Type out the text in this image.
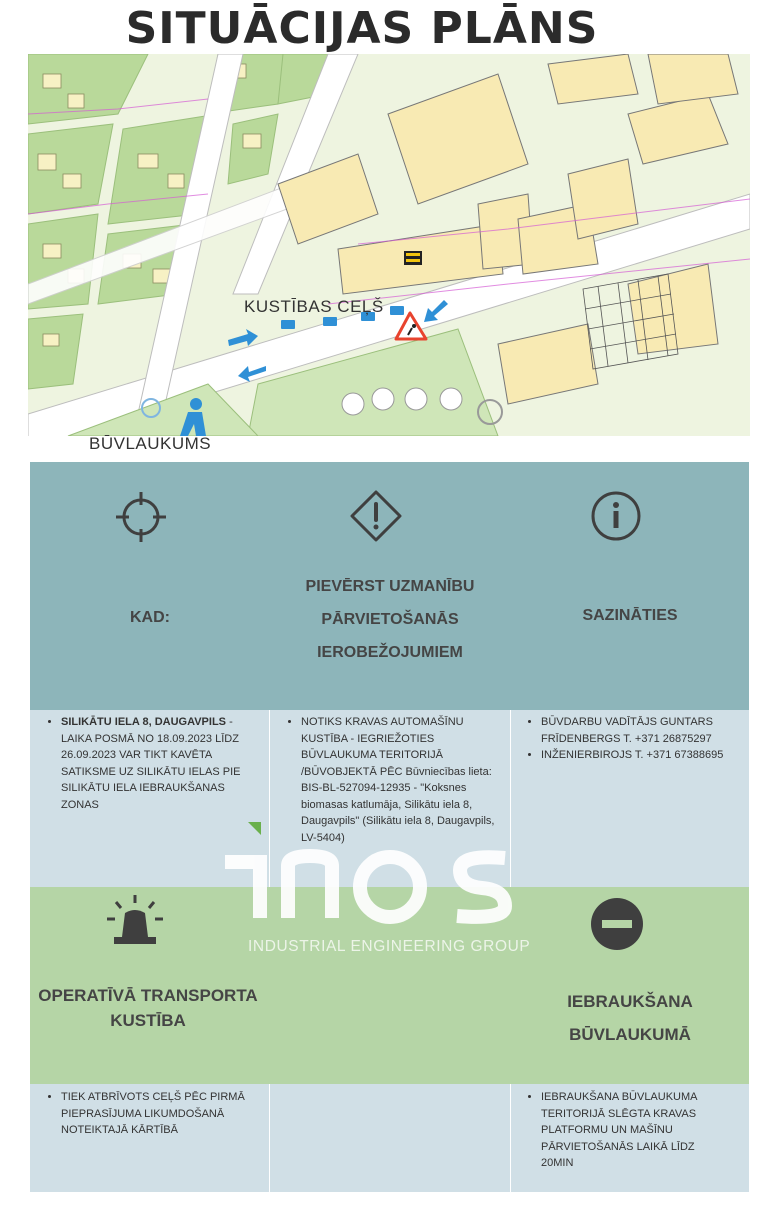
SITUĀCIJAS PLĀNS
KUSTĪBAS CEĻŠ
BŪVLAUKUMS
KAD:
PIEVĒRST UZMANĪBU
PĀRVIETOŠANĀS
IEROBEŽOJUMIEM
SAZINĀTIES
• SILIKĀTU IELA 8, DAUGAVPILS - LAIKA POSMĀ NO 18.09.2023 LĪDZ 26.09.2023 VAR TIKT KAVĒTA SATIKSME UZ SILIKĀTU IELAS PIE SILIKĀTU IELA IEBRAUKŠANAS ZONAS
• NOTIKS KRAVAS AUTOMAŠĪNU KUSTĪBA - IEGRIEŽOTIES BŪVLAUKUMA TERITORIJĀ /BŪVOBJEKTĀ PĒC Būvniecības lieta: BIS-BL-527094-12935 - "Koksnes biomasas katlumāja, Silikātu iela 8, Daugavpils" (Silikātu iela 8, Daugavpils, LV-5404)
• BŪVDARBU VADĪTĀJS GUNTARS FRĪDENBERGS T. +371 26875297
• INŽENIERBIROJS T. +371 67388695
OPERATĪVĀ TRANSPORTA
KUSTĪBA
IEBRAUKŠANA
BŪVLAUKUMĀ
• TIEK ATBRĪVOTS CEĻŠ PĒC PIRMĀ PIEPRASĪJUMA LIKUMDOŠANĀ NOTEIKTAJĀ KĀRTĪBĀ
• IEBRAUKŠANA BŪVLAUKUMA TERITORIJĀ SLĒGTA KRAVAS PLATFORMU UN MAŠĪNU PĀRVIETOŠANĀS LAIKĀ LĪDZ 20MIN
INDUSTRIAL ENGINEERING GROUP
